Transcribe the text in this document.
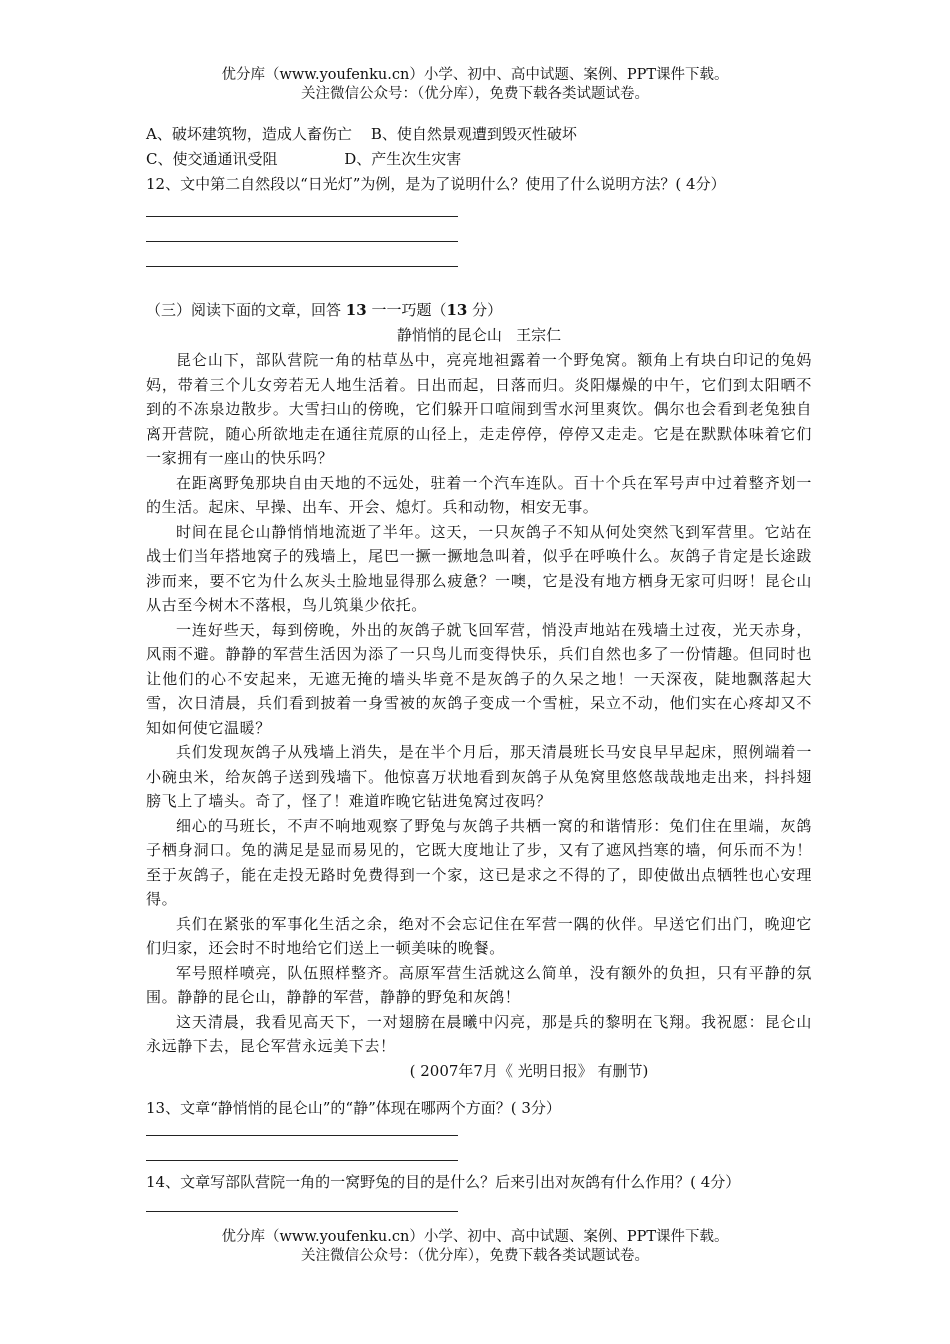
优分库（www.youfenku.cn）小学、初中、高中试题、案例、PPT课件下载。
关注微信公众号：（优分库），免费下载各类试题试卷。
A、破坏建筑物，造成人畜伤亡    B、使自然景观遭到毁灭性破坏
C、使交通通讯受阻              D、产生次生灾害
12、文中第二自然段以“日光灯”为例，是为了说明什么？使用了什么说明方法？( 4分）
（三）阅读下面的文章，回答 13 一一巧题（13 分）
静悄悄的昆仑山   王宗仁

昆仑山下，部队营院一角的枯草丛中，亮亮地袒露着一个野兔窝。额角上有块白印记的兔妈妈，带着三个儿女旁若无人地生活着。日出而起，日落而归。炎阳爆燥的中午，它们到太阳晒不到的不冻泉边散步。大雪扫山的傍晚，它们躲开口喧闹到雪水河里爽饮。偶尔也会看到老兔独自离开营院，随心所欲地走在通往荒原的山径上，走走停停，停停又走走。它是在默默体味着它们一家拥有一座山的快乐吗？

在距离野兔那块自由天地的不远处，驻着一个汽车连队。百十个兵在军号声中过着整齐划一的生活。起床、早操、出车、开会、熄灯。兵和动物，相安无事。

时间在昆仑山静悄悄地流逝了半年。这天，一只灰鸽子不知从何处突然飞到军营里。它站在战士们当年搭地窝子的残墙上，尾巴一撅一撅地急叫着，似乎在呼唤什么。灰鸽子肯定是长途跋涉而来，要不它为什么灰头土脸地显得那么疲惫？一噢，它是没有地方栖身无家可归呀！昆仑山从古至今树木不落根，鸟儿筑巢少依托。

一连好些天，每到傍晚，外出的灰鸽子就飞回军营，悄没声地站在残墙土过夜，光天赤身，风雨不避。静静的军营生活因为添了一只鸟儿而变得快乐，兵们自然也多了一份情趣。但同时也让他们的心不安起来，无遮无掩的墙头毕竟不是灰鸽子的久呆之地！一天深夜，陡地飘落起大雪，次日清晨，兵们看到披着一身雪被的灰鸽子变成一个雪桩，呆立不动，他们实在心疼却又不知如何使它温暖？

兵们发现灰鸽子从残墙上消失，是在半个月后，那天清晨班长马安良早早起床，照例端着一小碗虫米，给灰鸽子送到残墙下。他惊喜万状地看到灰鸽子从兔窝里悠悠哉哉地走出来，抖抖翅膀飞上了墙头。奇了，怪了！难道昨晚它钻进兔窝过夜吗？

细心的马班长，不声不响地观察了野兔与灰鸽子共栖一窝的和谐情形：兔们住在里端，灰鸽子栖身洞口。兔的满足是显而易见的，它既大度地让了步，又有了遮风挡寒的墙，何乐而不为！至于灰鸽子，能在走投无路时免费得到一个家，这已是求之不得的了，即使做出点牺牲也心安理得。

兵们在紧张的军事化生活之余，绝对不会忘记住在军营一隅的伙伴。早送它们出门，晚迎它们归家，还会时不时地给它们送上一顿美味的晚餐。

军号照样喷亮，队伍照样整齐。高原军营生活就这么简单，没有额外的负担，只有平静的氛围。静静的昆仑山，静静的军营，静静的野兔和灰鸽！

这天清晨，我看见高天下，一对翅膀在晨曦中闪亮，那是兵的黎明在飞翔。我祝愿：昆仑山永远静下去，昆仑军营永远美下去！

( 2007年7月《 光明日报》 有删节)
13、文章“静悄悄的昆仑山”的“静”体现在哪两个方面？( 3分）
14、文章写部队营院一角的一窝野兔的目的是什么？后来引出对灰鸽有什么作用？( 4分）
优分库（www.youfenku.cn）小学、初中、高中试题、案例、PPT课件下载。
关注微信公众号：（优分库），免费下载各类试题试卷。
